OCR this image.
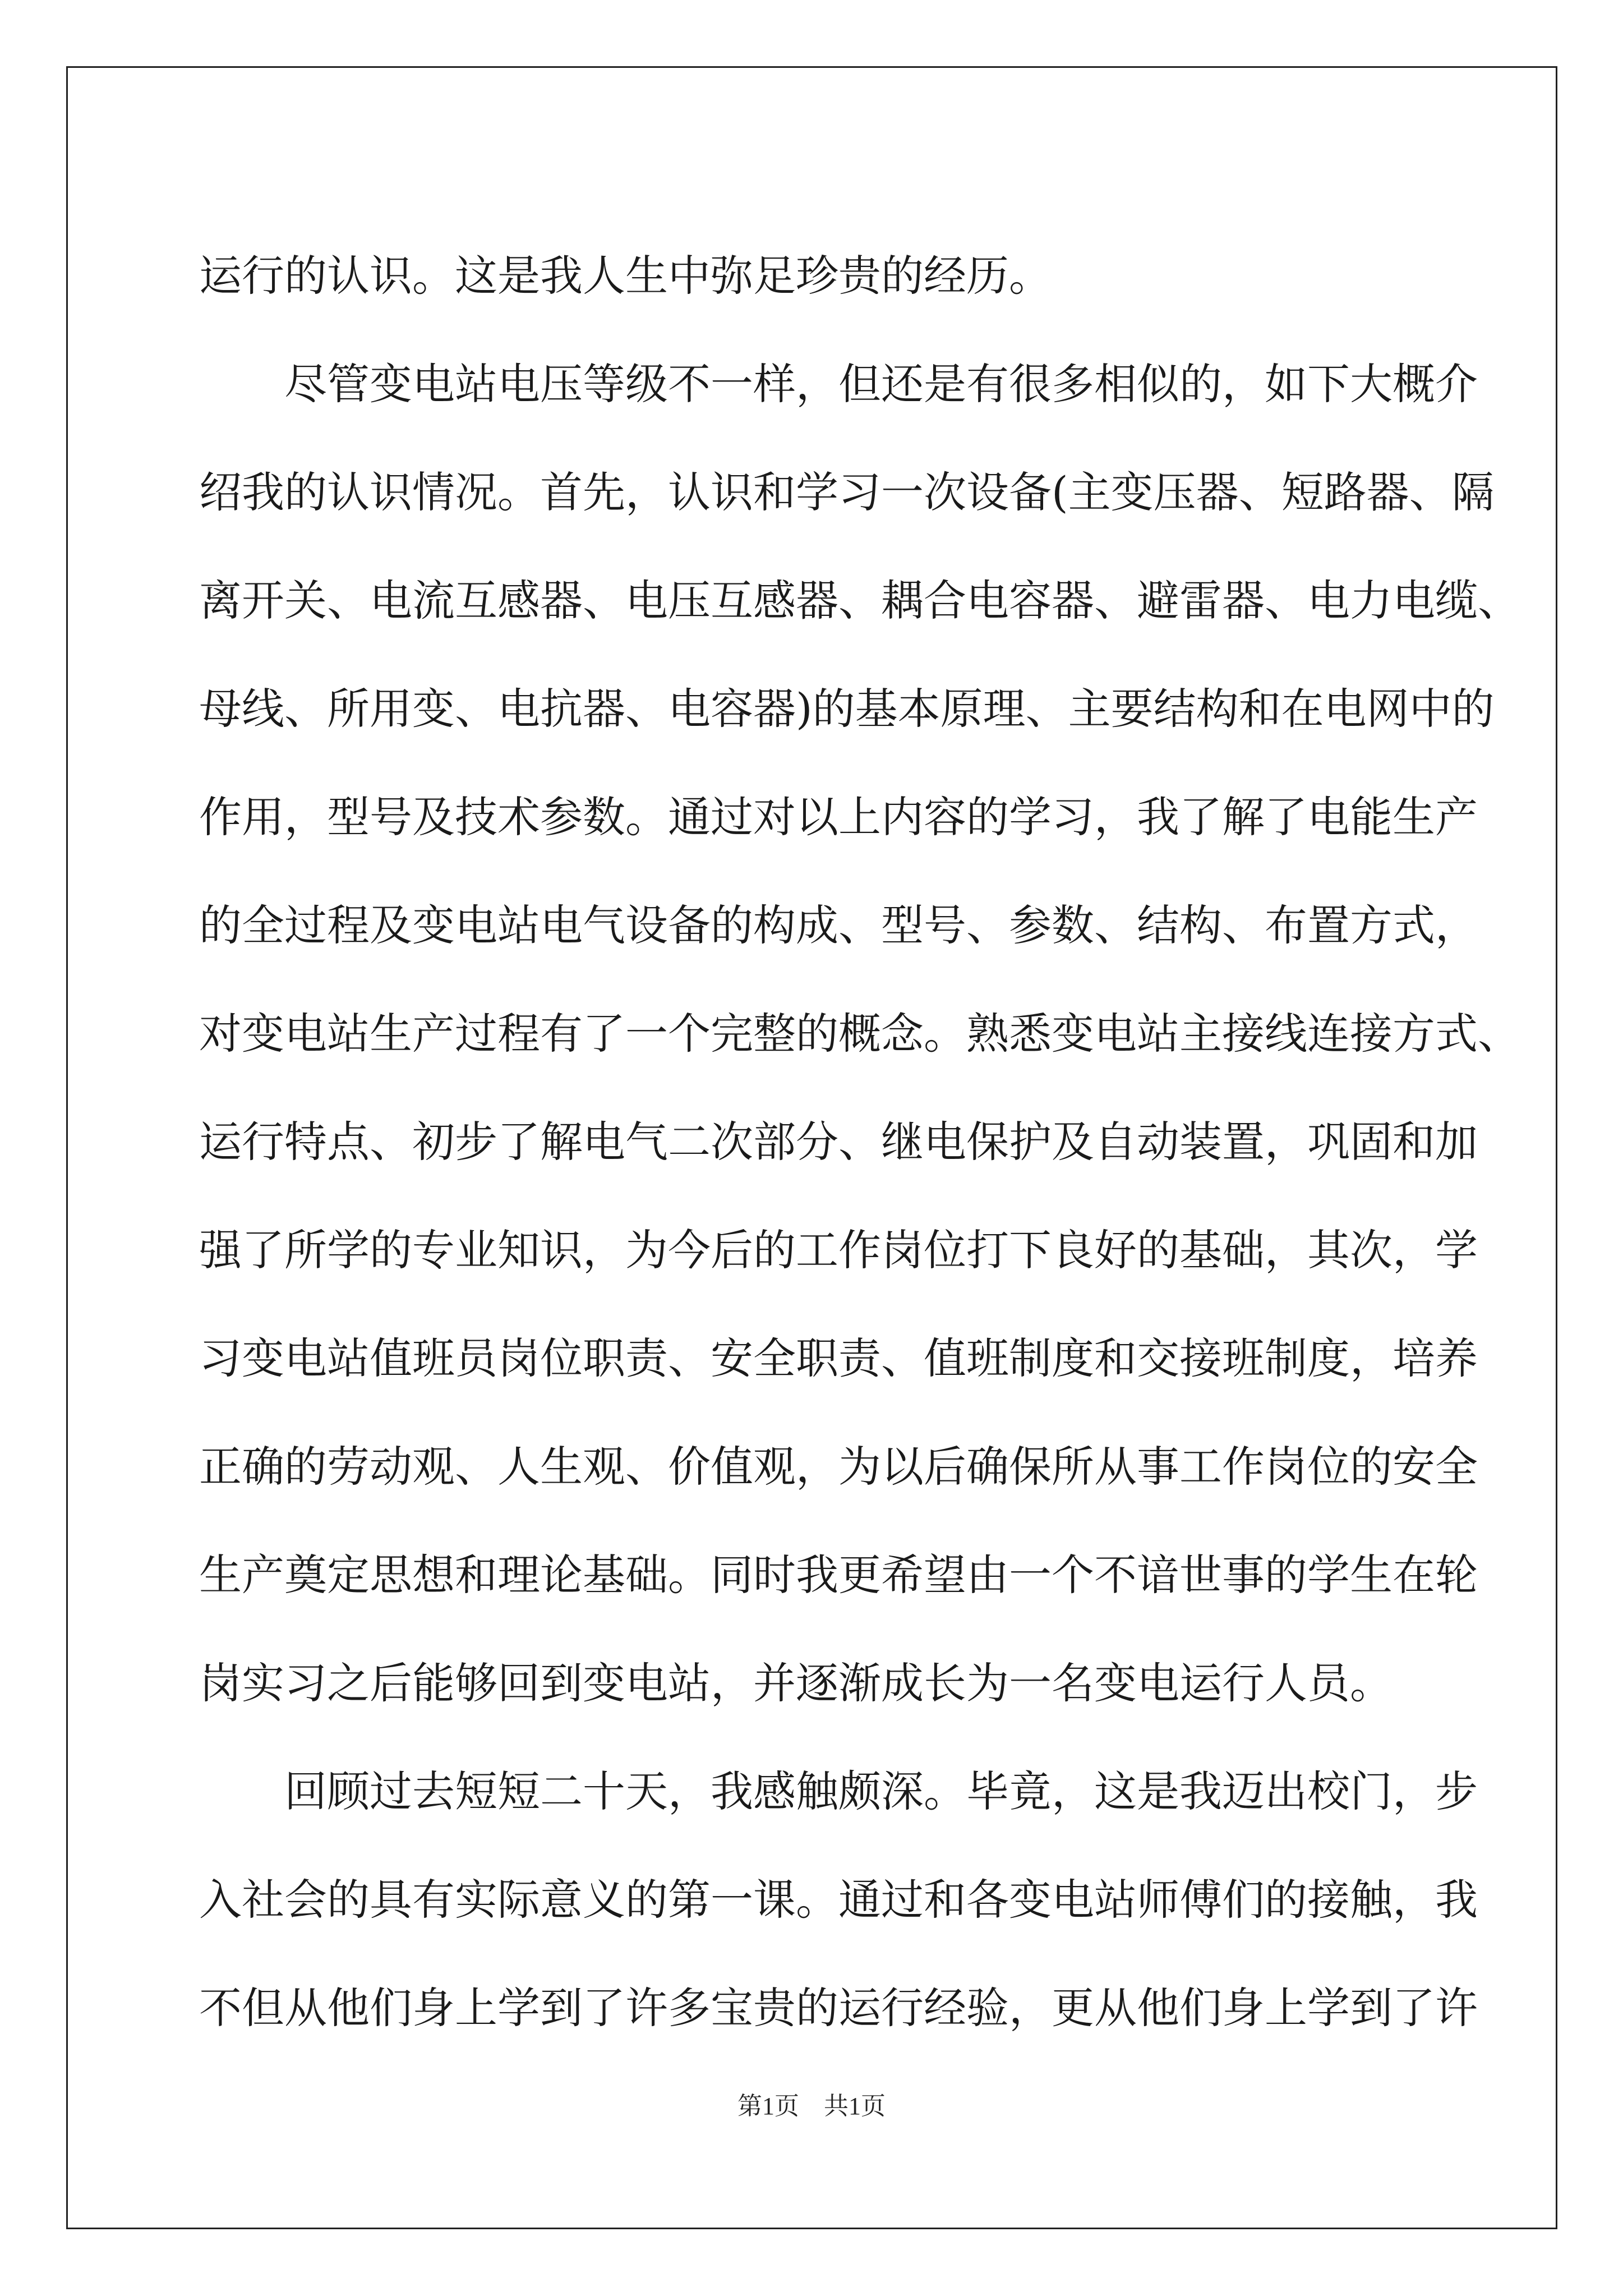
运行的认识。这是我人生中弥足珍贵的经历。
尽管变电站电压等级不一样，但还是有很多相似的，如下大概介
绍我的认识情况。首先，认识和学习一次设备(主变压器、短路器、隔
离开关、电流互感器、电压互感器、耦合电容器、避雷器、电力电缆、
母线、所用变、电抗器、电容器)的基本原理、主要结构和在电网中的
作用，型号及技术参数。通过对以上内容的学习，我了解了电能生产
的全过程及变电站电气设备的构成、型号、参数、结构、布置方式，
对变电站生产过程有了一个完整的概念。熟悉变电站主接线连接方式、
运行特点、初步了解电气二次部分、继电保护及自动装置，巩固和加
强了所学的专业知识，为今后的工作岗位打下良好的基础，其次，学
习变电站值班员岗位职责、安全职责、值班制度和交接班制度，培养
正确的劳动观、人生观、价值观，为以后确保所从事工作岗位的安全
生产奠定思想和理论基础。同时我更希望由一个不谙世事的学生在轮
岗实习之后能够回到变电站，并逐渐成长为一名变电运行人员。
回顾过去短短二十天，我感触颇深。毕竟，这是我迈出校门，步
入社会的具有实际意义的第一课。通过和各变电站师傅们的接触，我
不但从他们身上学到了许多宝贵的运行经验，更从他们身上学到了许
第1页 共1页
